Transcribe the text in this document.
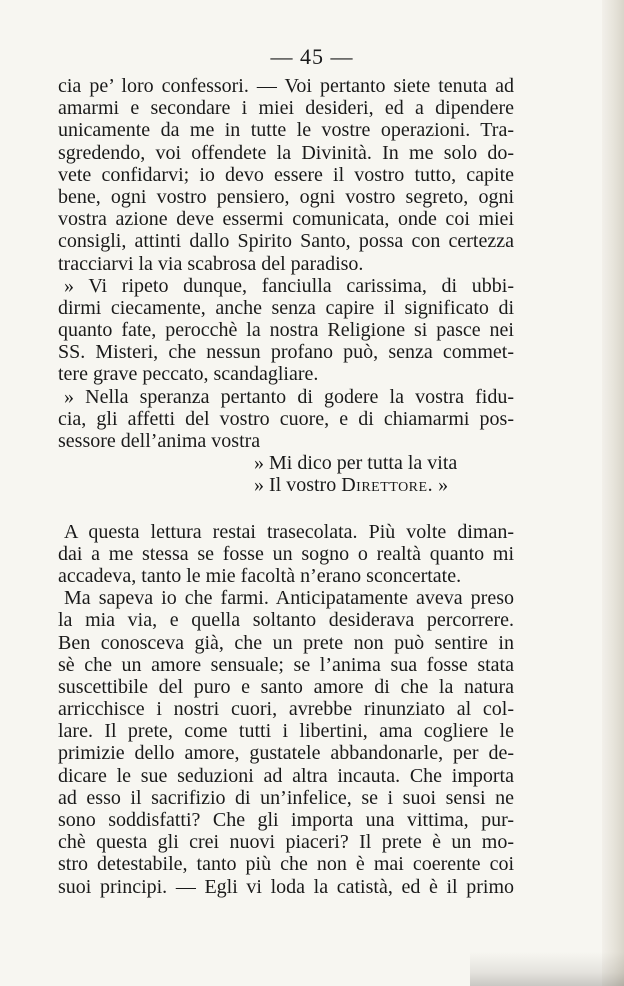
— 45 —
cia pe’ loro confessori. — Voi pertanto siete tenuta ad
amarmi e secondare i miei desideri, ed a dipendere
unicamente da me in tutte le vostre operazioni. Tra-
sgredendo, voi offendete la Divinità. In me solo do-
vete confidarvi; io devo essere il vostro tutto, capite
bene, ogni vostro pensiero, ogni vostro segreto, ogni
vostra azione deve essermi comunicata, onde coi miei
consigli, attinti dallo Spirito Santo, possa con certezza
tracciarvi la via scabrosa del paradiso.
» Vi ripeto dunque, fanciulla carissima, di ubbi-
dirmi ciecamente, anche senza capire il significato di
quanto fate, perocchè la nostra Religione si pasce nei
SS. Misteri, che nessun profano può, senza commet-
tere grave peccato, scandagliare.
» Nella speranza pertanto di godere la vostra fidu-
cia, gli affetti del vostro cuore, e di chiamarmi pos-
sessore dell’anima vostra
» Mi dico per tutta la vita
» Il vostro Direttore. »
A questa lettura restai trasecolata. Più volte diman-
dai a me stessa se fosse un sogno o realtà quanto mi
accadeva, tanto le mie facoltà n’erano sconcertate.
Ma sapeva io che farmi. Anticipatamente aveva preso
la mia via, e quella soltanto desiderava percorrere.
Ben conosceva già, che un prete non può sentire in
sè che un amore sensuale; se l’anima sua fosse stata
suscettibile del puro e santo amore di che la natura
arricchisce i nostri cuori, avrebbe rinunziato al col-
lare. Il prete, come tutti i libertini, ama cogliere le
primizie dello amore, gustatele abbandonarle, per de-
dicare le sue seduzioni ad altra incauta. Che importa
ad esso il sacrifizio di un’infelice, se i suoi sensi ne
sono soddisfatti? Che gli importa una vittima, pur-
chè questa gli crei nuovi piaceri? Il prete è un mo-
stro detestabile, tanto più che non è mai coerente coi
suoi principi. — Egli vi loda la catistà, ed è il primo
